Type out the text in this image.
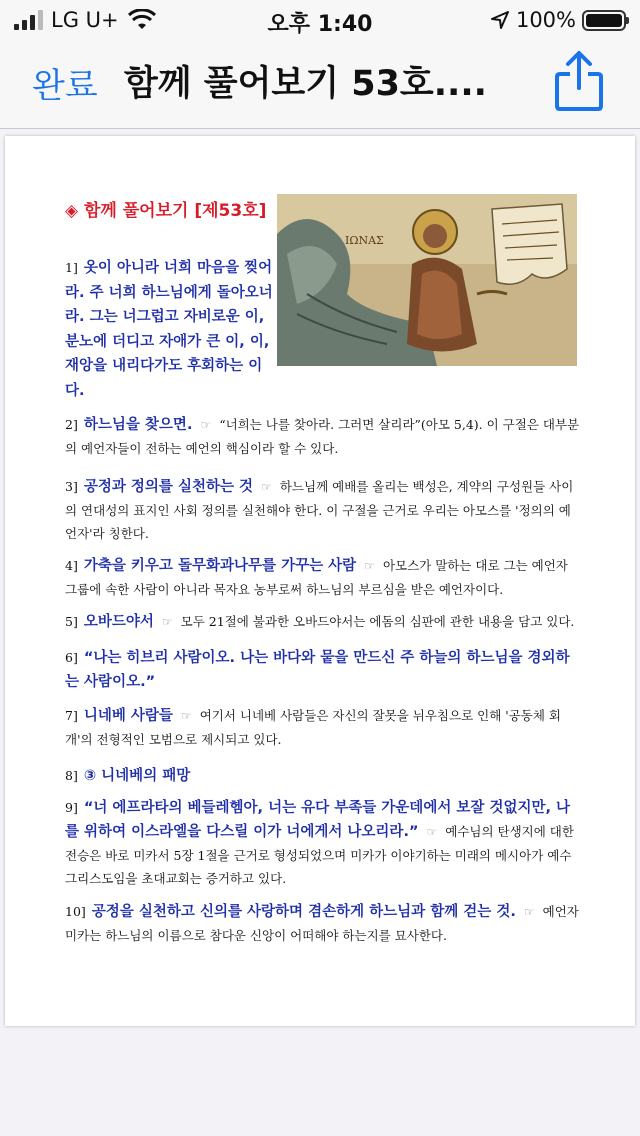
LG U+	오후 1:40	100%
완료 함께 풀어보기 53호....
◈ 함께 풀어보기 [제53호]
ΙΩΝΑΣ
1] 옷이 아니라 너희 마음을 찢어라. 주 너희 하느님에게 돌아오너라. 그는 너그럽고 자비로운 이, 분노에 더디고 자애가 큰 이, 이, 재앙을 내리다가도 후회하는 이다.
2] 하느님을 찾으면. ☞ “너희는 나를 찾아라. 그러면 살리라”(아모 5,4). 이 구절은 대부분의 예언자들이 전하는 예언의 핵심이라 할 수 있다.
3] 공정과 정의를 실천하는 것 ☞ 하느님께 예배를 올리는 백성은, 계약의 구성원들 사이의 연대성의 표지인 사회 정의를 실천해야 한다. 이 구절을 근거로 우리는 아모스를 '정의의 예언자'라 칭한다.
4] 가축을 키우고 돌무화과나무를 가꾸는 사람 ☞ 아모스가 말하는 대로 그는 예언자 그룹에 속한 사람이 아니라 목자요 농부로써 하느님의 부르심을 받은 예언자이다.
5] 오바드야서 ☞ 모두 21절에 불과한 오바드야서는 에돔의 심판에 관한 내용을 담고 있다.
6] “나는 히브리 사람이오. 나는 바다와 뭍을 만드신 주 하늘의 하느님을 경외하는 사람이오.”
7] 니네베 사람들 ☞ 여기서 니네베 사람들은 자신의 잘못을 뉘우침으로 인해 '공동체 회개'의 전형적인 모범으로 제시되고 있다.
8] ③ 니네베의 패망
9] “너 에프라타의 베들레헴아, 너는 유다 부족들 가운데에서 보잘 것없지만, 나를 위하여 이스라엘을 다스릴 이가 너에게서 나오리라.” ☞ 예수님의 탄생지에 대한 전승은 바로 미카서 5장 1절을 근거로 형성되었으며 미카가 이야기하는 미래의 메시아가 예수 그리스도임을 초대교회는 증거하고 있다.
10] 공정을 실천하고 신의를 사랑하며 겸손하게 하느님과 함께 걷는 것. ☞ 예언자 미카는 하느님의 이름으로 참다운 신앙이 어떠해야 하는지를 묘사한다.
